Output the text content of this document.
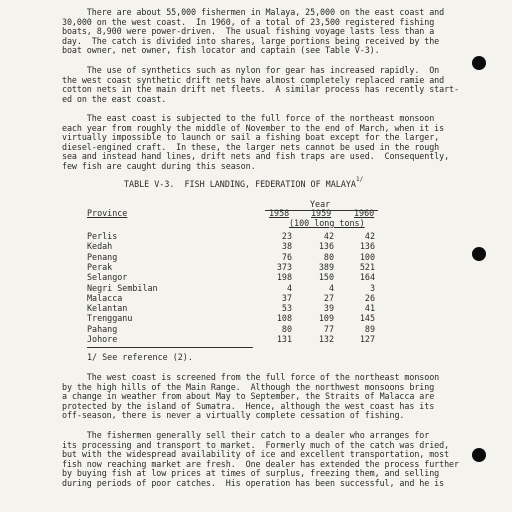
There are about 55,000 fishermen in Malaya, 25,000 on the east coast and
30,000 on the west coast.  In 1960, of a total of 23,500 registered fishing
boats, 8,900 were power-driven.  The usual fishing voyage lasts less than a
day.  The catch is divided into shares, large portions being received by the
boat owner, net owner, fish locator and captain (see Table V-3).

The use of synthetics such as nylon for gear has increased rapidly.  On
the west coast synthetic drift nets have almost completely replaced ramie and
cotton nets in the main drift net fleets.  A similar process has recently start-
ed on the east coast.

The east coast is subjected to the full force of the northeast monsoon
each year from roughly the middle of November to the end of March, when it is
virtually impossible to launch or sail a fishing boat except for the larger,
diesel-engined craft.  In these, the larger nets cannot be used in the rough
sea and instead hand lines, drift nets and fish traps are used.  Consequently,
few fish are caught during this season.

TABLE V-3.  FISH LANDING, FEDERATION OF $MALAYA^{1/}$
Year
Province	1958	1959	1960
(100 long tons)
Perlis	23	42	42
Kedah	38	136	136
Penang	76	80	100
Perak	373	389	521
Selangor	198	150	164
Negri Sembilan	4	4	3
Malacca	37	27	26
Kelantan	53	39	41
Trengganu	108	109	145
Pahang	80	77	89
Johore	131	132	127
1/ See reference (2).

The west coast is screened from the full force of the northeast monsoon
by the high hills of the Main Range.  Although the northwest monsoons bring
a change in weather from about May to September, the Straits of Malacca are
protected by the island of Sumatra.  Hence, although the west coast has its
off-season, there is never a virtually complete cessation of fishing.

The fishermen generally sell their catch to a dealer who arranges for
its processing and transport to market.  Formerly much of the catch was dried,
but with the widespread availability of ice and excellent transportation, most
fish now reaching market are fresh.  One dealer has extended the process further
by buying fish at low prices at times of surplus, freezing them, and selling
during periods of poor catches.  His operation has been successful, and he is
